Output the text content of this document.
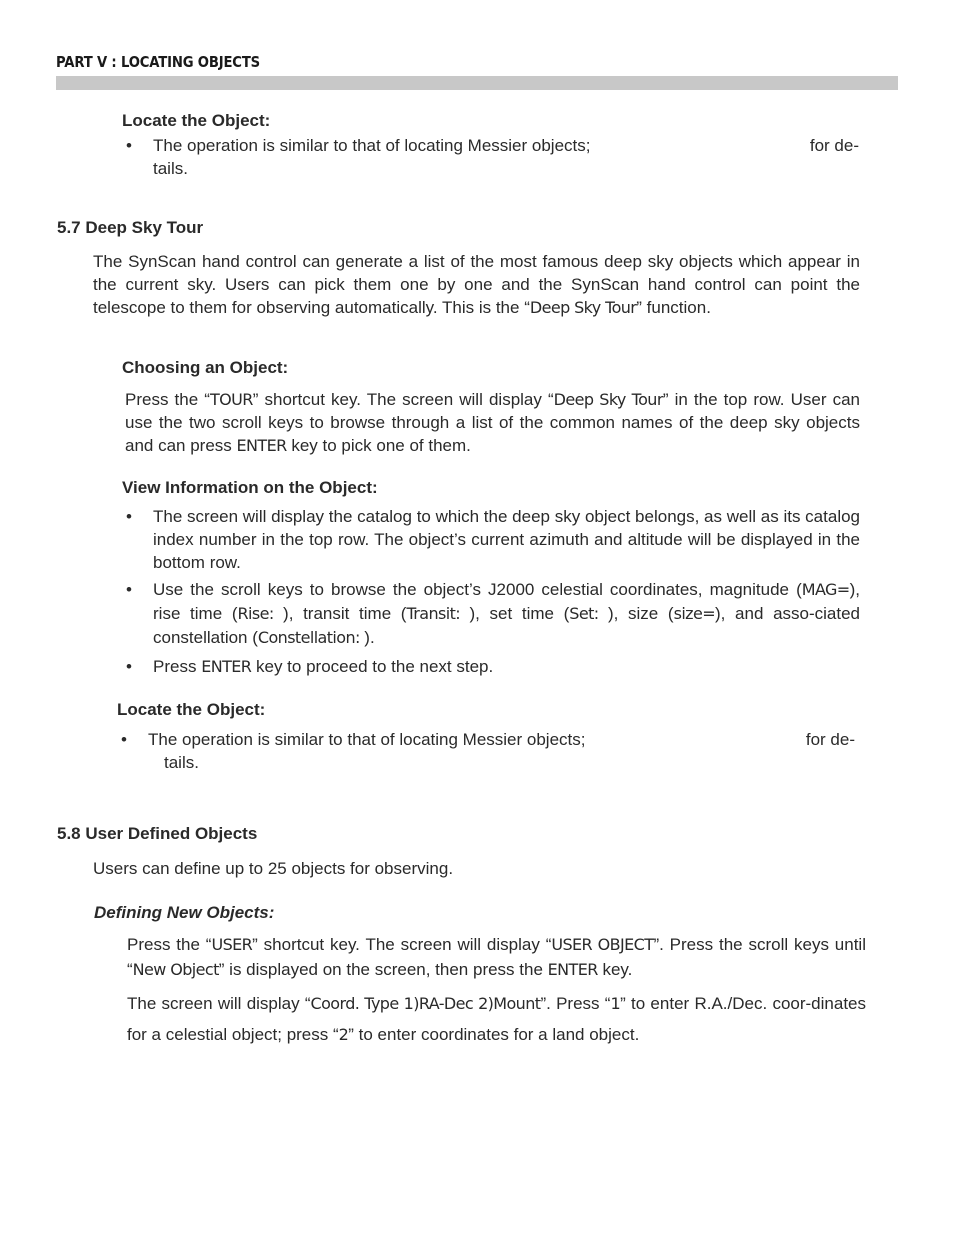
PART V : LOCATING OBJECTS
Locate the Object:
• The operation is similar to that of locating Messier objects;	for de-
tails.
5.7 Deep Sky Tour
The SynScan hand control can generate a list of the most famous deep sky objects which appear in the current sky. Users can pick them one by one and the SynScan hand control can point the telescope to them for observing automatically. This is the “Deep Sky Tour” function.
Choosing an Object:
Press the “TOUR” shortcut key. The screen will display “Deep Sky Tour” in the top row. User can use the two scroll keys to browse through a list of the common names of the deep sky objects and can press ENTER key to pick one of them.
View Information on the Object:
• The screen will display the catalog to which the deep sky object belongs, as well as its catalog index number in the top row. The object’s current azimuth and altitude will be displayed in the bottom row.
• Use the scroll keys to browse the object’s J2000 celestial coordinates, magnitude (MAG=), rise time (Rise: ), transit time (Transit: ), set time (Set: ), size (size=), and asso-ciated constellation (Constellation: ).
• Press ENTER key to proceed to the next step.
Locate the Object:
• The operation is similar to that of locating Messier objects;	for de-
tails.
5.8 User Defined Objects
Users can define up to 25 objects for observing.
Defining New Objects:
Press the “USER” shortcut key. The screen will display “USER OBJECT”. Press the scroll keys until “New Object” is displayed on the screen, then press the ENTER key.
The screen will display “Coord. Type 1)RA-Dec 2)Mount”. Press “1” to enter R.A./Dec. coor-dinates for a celestial object; press “2” to enter coordinates for a land object.
